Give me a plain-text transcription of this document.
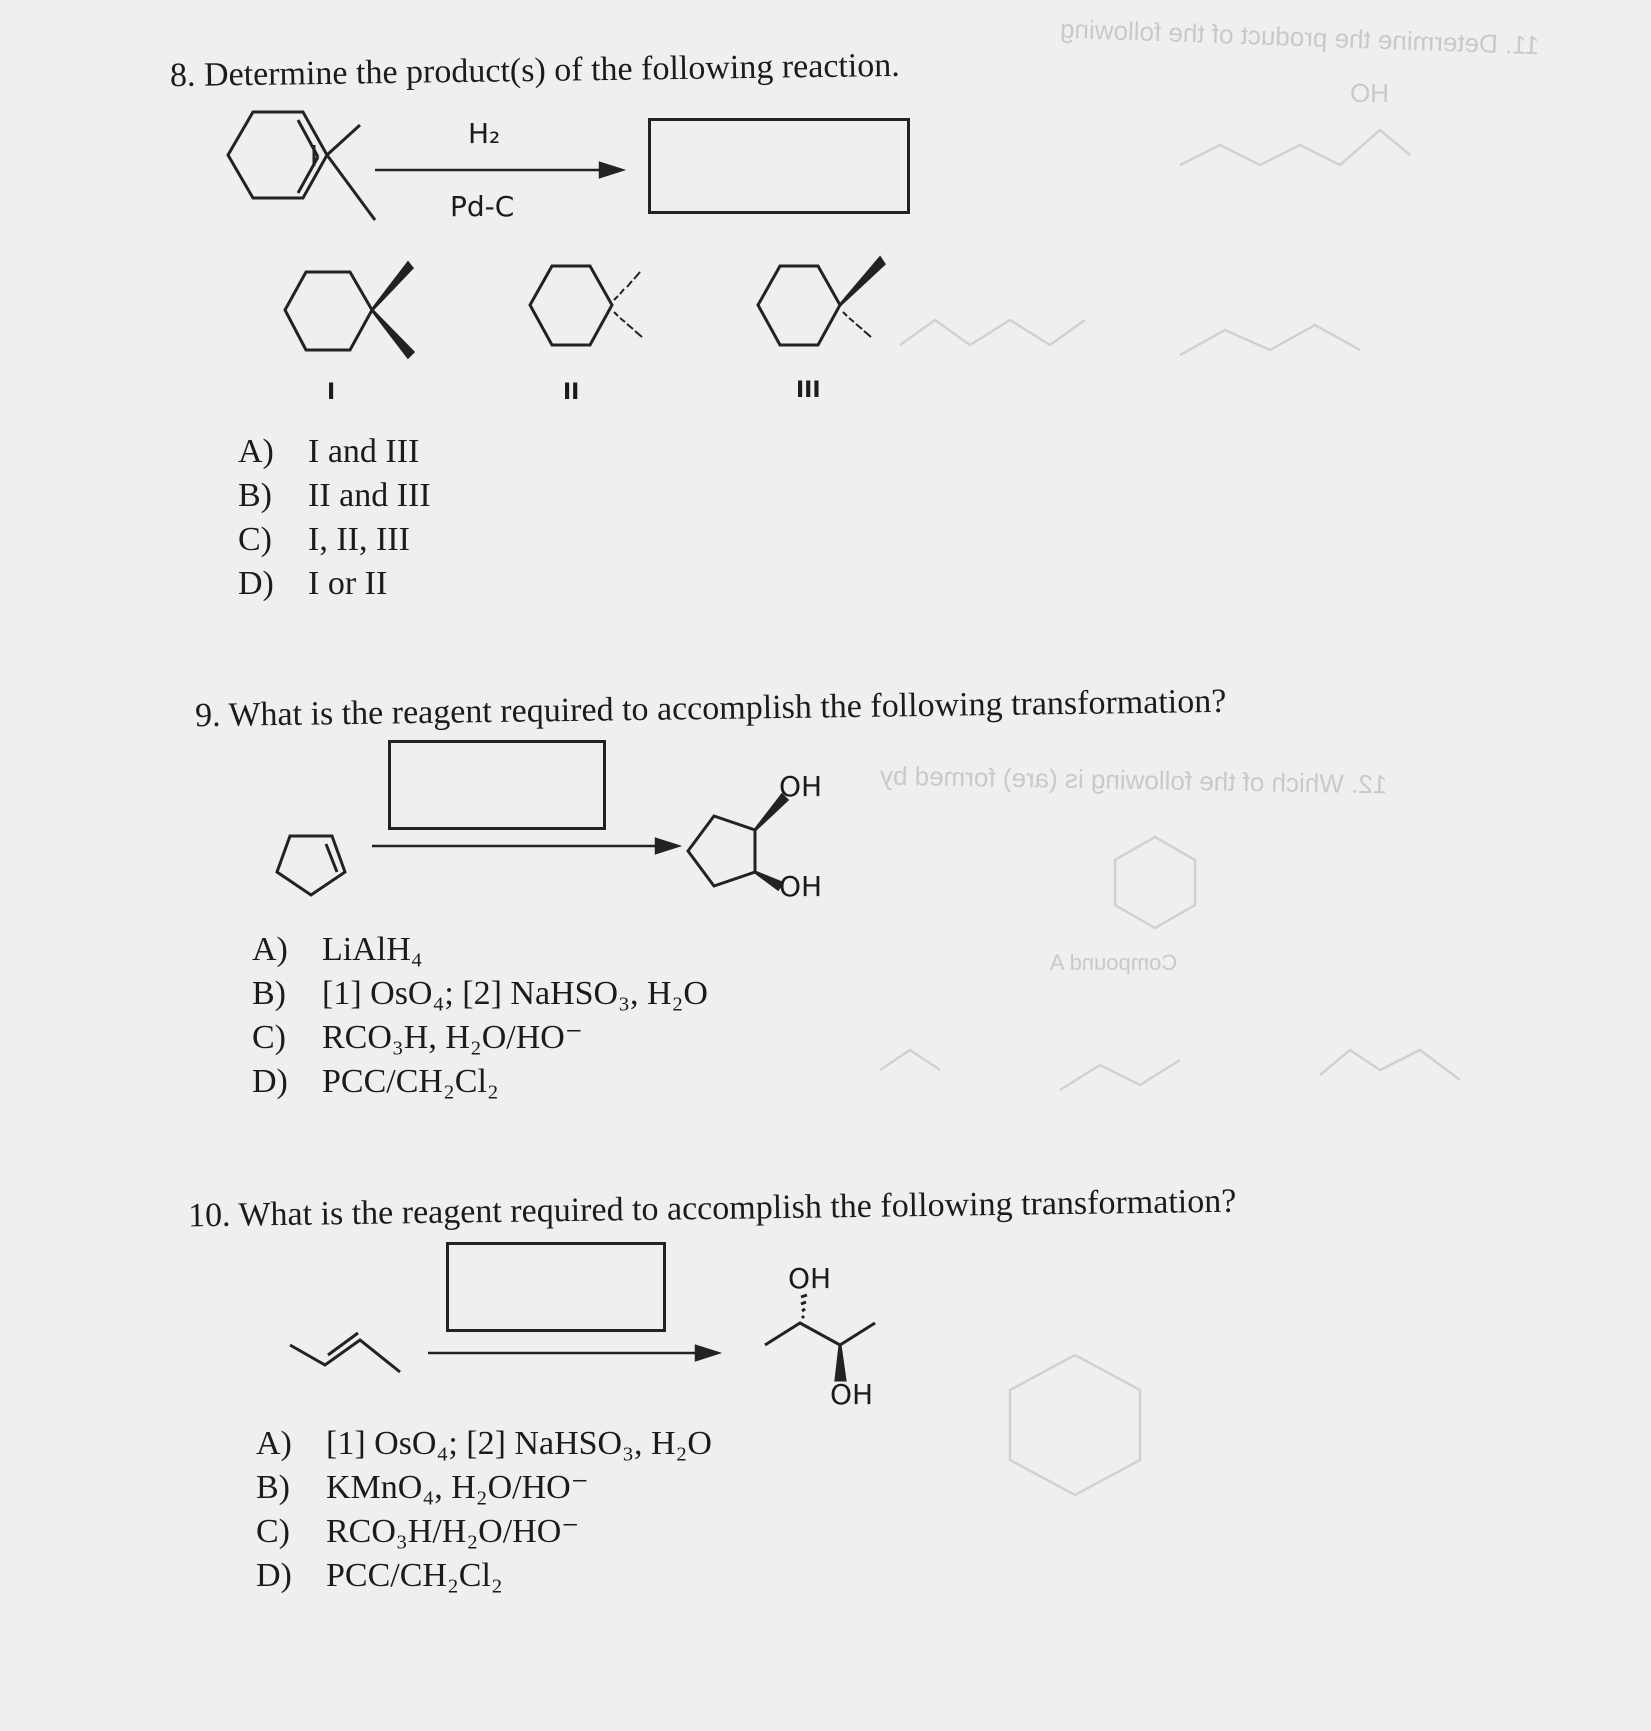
11. Determine the product of the following
HO
12. Which of the following is (are) formed by
Compound A
8. Determine the product(s) of the following reaction.
H₂
Pd-C
I	II	III
A)	I and III
B)	II and III
C)	I, II, III
D)	I or II
9. What is the reagent required to accomplish the following transformation?
OH
OH
A)	LiAlH₄
B)	[1] OsO₄; [2] NaHSO₃, H₂O
C)	RCO₃H, H₂O/HO⁻
D)	PCC/CH₂Cl₂
10. What is the reagent required to accomplish the following transformation?
OH
OH
A)	[1] OsO₄; [2] NaHSO₃, H₂O
B)	KMnO₄, H₂O/HO⁻
C)	RCO₃H/H₂O/HO⁻
D)	PCC/CH₂Cl₂
